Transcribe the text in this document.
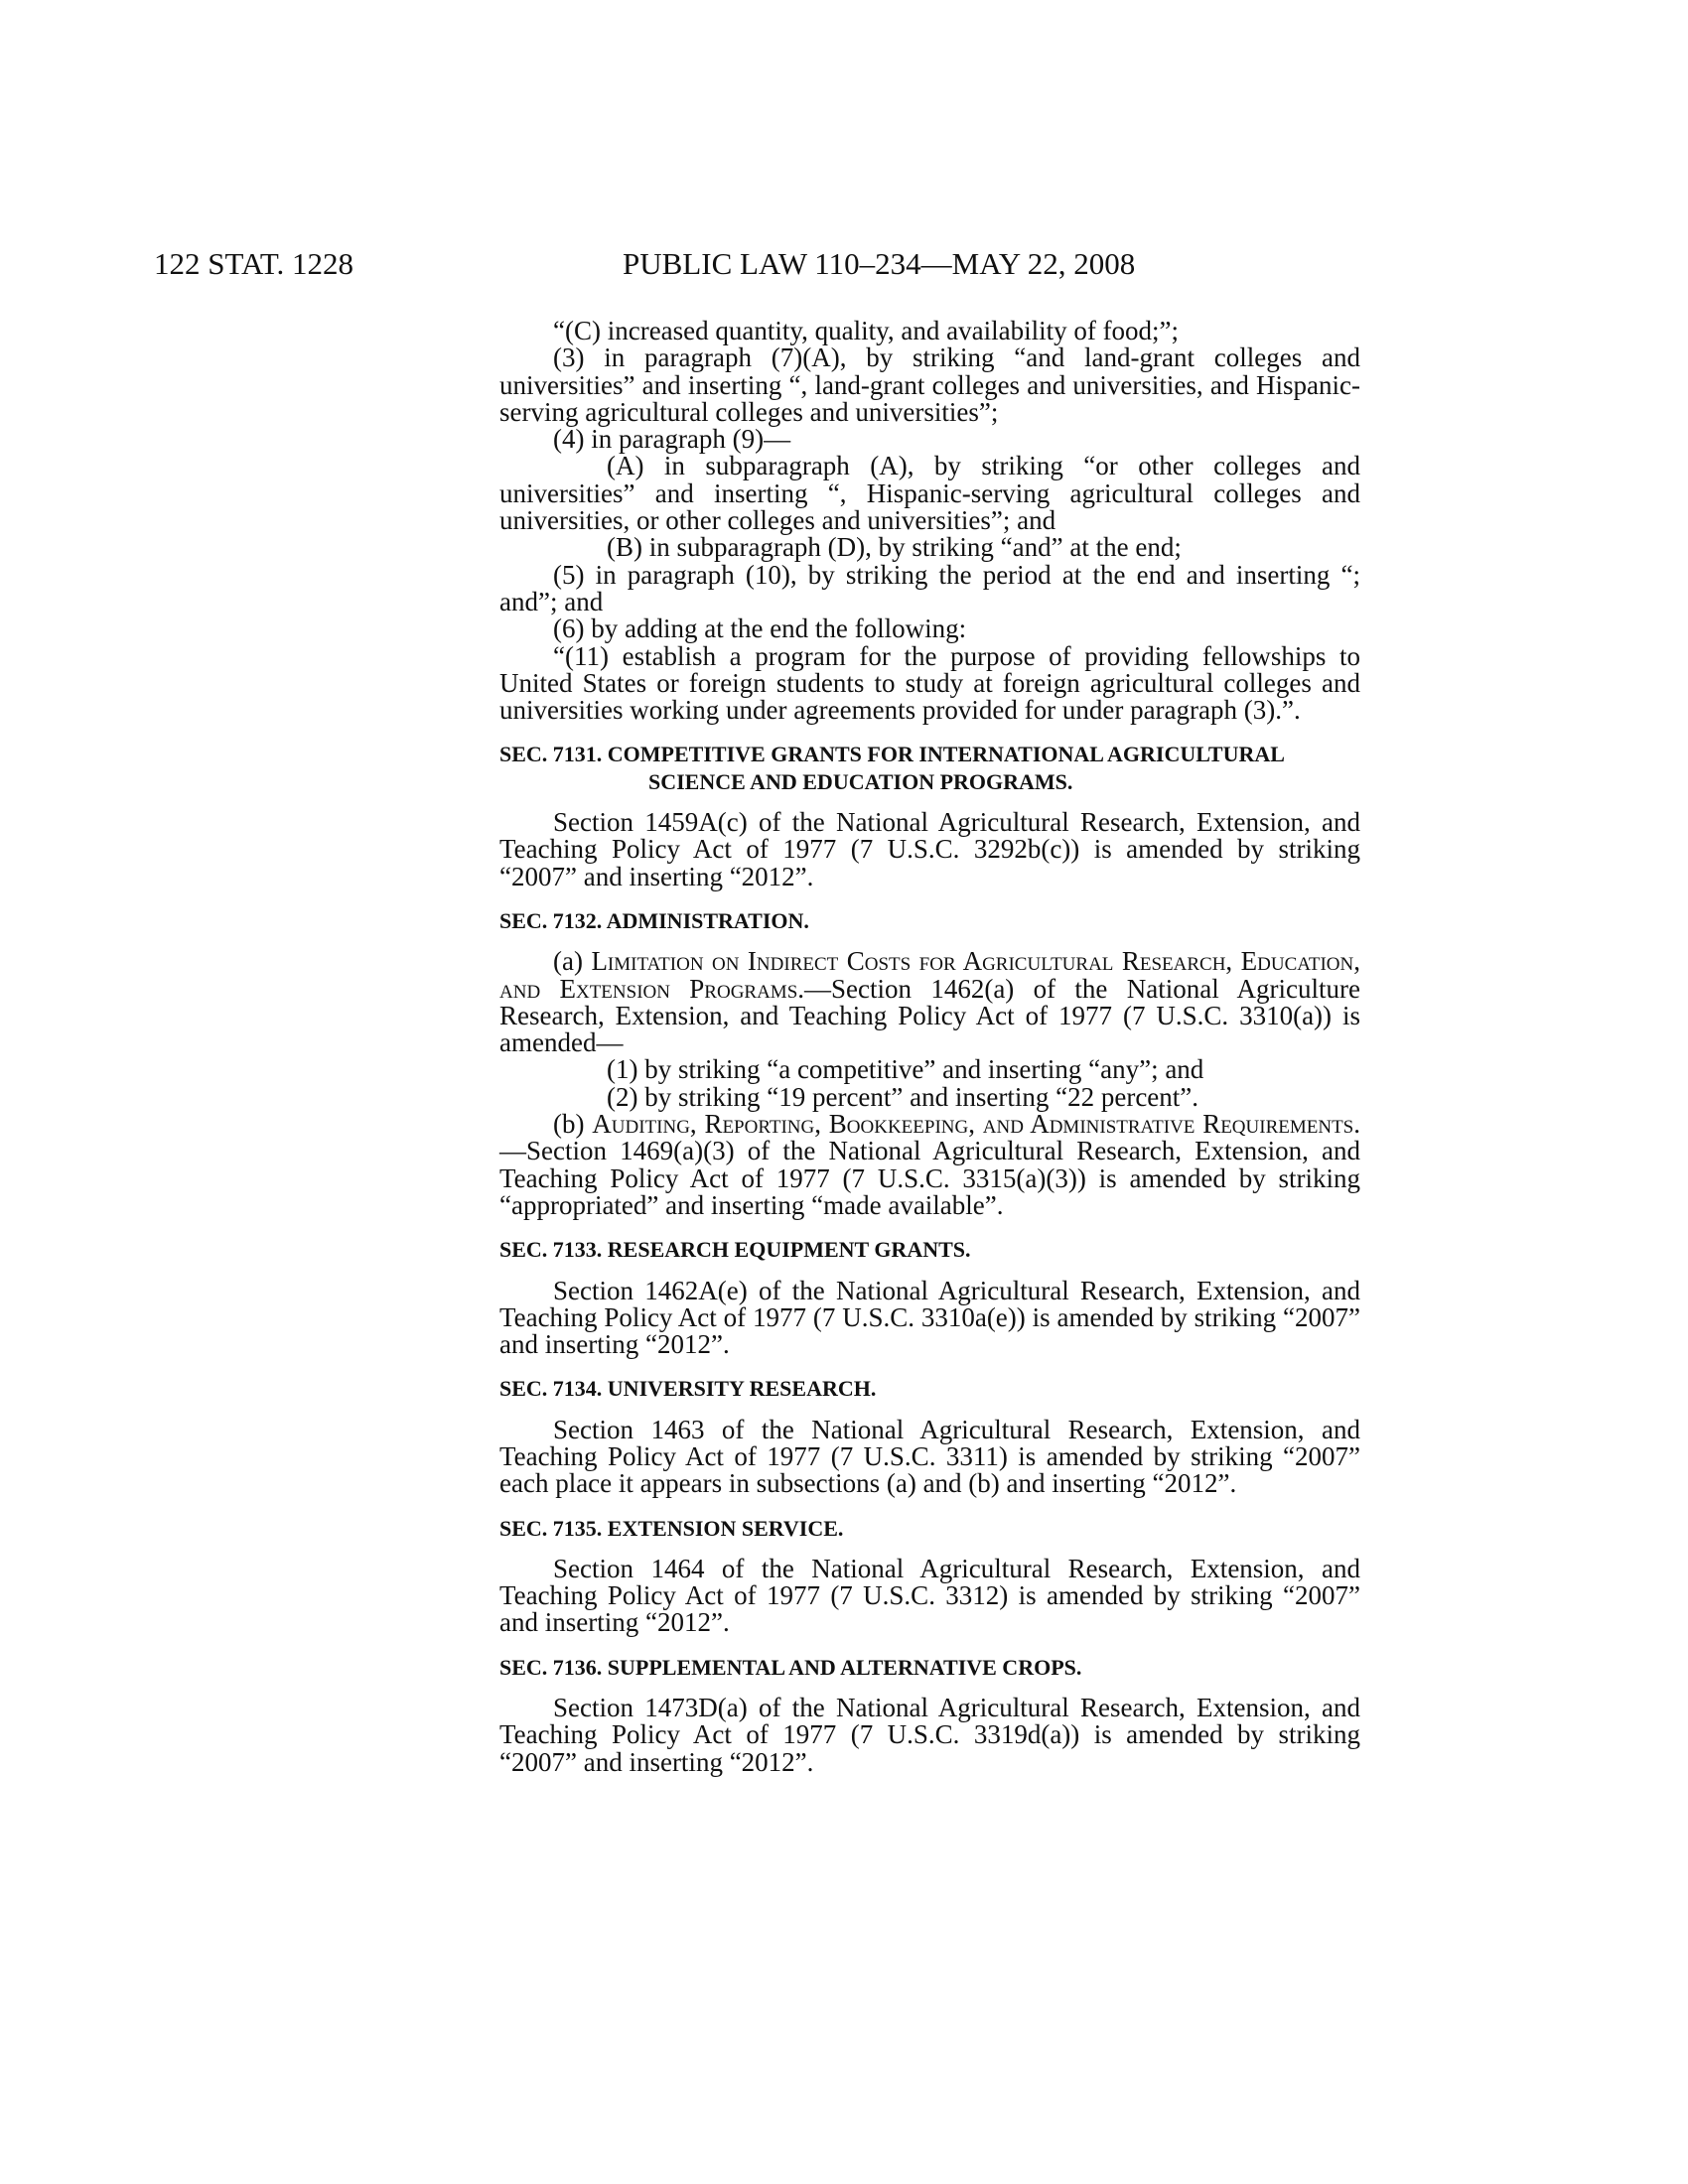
122 STAT. 1228	PUBLIC LAW 110–234—MAY 22, 2008

“(C) increased quantity, quality, and availability of food;”;

(3) in paragraph (7)(A), by striking “and land-grant colleges and universities” and inserting “, land-grant colleges and universities, and Hispanic-serving agricultural colleges and universities”;

(4) in paragraph (9)—

(A) in subparagraph (A), by striking “or other colleges and universities” and inserting “, Hispanic-serving agricultural colleges and universities, or other colleges and universities”; and

(B) in subparagraph (D), by striking “and” at the end;

(5) in paragraph (10), by striking the period at the end and inserting “; and”; and

(6) by adding at the end the following:

“(11) establish a program for the purpose of providing fellowships to United States or foreign students to study at foreign agricultural colleges and universities working under agreements provided for under paragraph (3).”.

SEC. 7131. COMPETITIVE GRANTS FOR INTERNATIONAL AGRICULTURAL SCIENCE AND EDUCATION PROGRAMS.

Section 1459A(c) of the National Agricultural Research, Extension, and Teaching Policy Act of 1977 (7 U.S.C. 3292b(c)) is amended by striking “2007” and inserting “2012”.

SEC. 7132. ADMINISTRATION.

(a) Limitation on Indirect Costs for Agricultural Research, Education, and Extension Programs.—Section 1462(a) of the National Agriculture Research, Extension, and Teaching Policy Act of 1977 (7 U.S.C. 3310(a)) is amended—

(1) by striking “a competitive” and inserting “any”; and

(2) by striking “19 percent” and inserting “22 percent”.

(b) Auditing, Reporting, Bookkeeping, and Administrative Requirements.—Section 1469(a)(3) of the National Agricultural Research, Extension, and Teaching Policy Act of 1977 (7 U.S.C. 3315(a)(3)) is amended by striking “appropriated” and inserting “made available”.

SEC. 7133. RESEARCH EQUIPMENT GRANTS.

Section 1462A(e) of the National Agricultural Research, Extension, and Teaching Policy Act of 1977 (7 U.S.C. 3310a(e)) is amended by striking “2007” and inserting “2012”.

SEC. 7134. UNIVERSITY RESEARCH.

Section 1463 of the National Agricultural Research, Extension, and Teaching Policy Act of 1977 (7 U.S.C. 3311) is amended by striking “2007” each place it appears in subsections (a) and (b) and inserting “2012”.

SEC. 7135. EXTENSION SERVICE.

Section 1464 of the National Agricultural Research, Extension, and Teaching Policy Act of 1977 (7 U.S.C. 3312) is amended by striking “2007” and inserting “2012”.

SEC. 7136. SUPPLEMENTAL AND ALTERNATIVE CROPS.

Section 1473D(a) of the National Agricultural Research, Extension, and Teaching Policy Act of 1977 (7 U.S.C. 3319d(a)) is amended by striking “2007” and inserting “2012”.
